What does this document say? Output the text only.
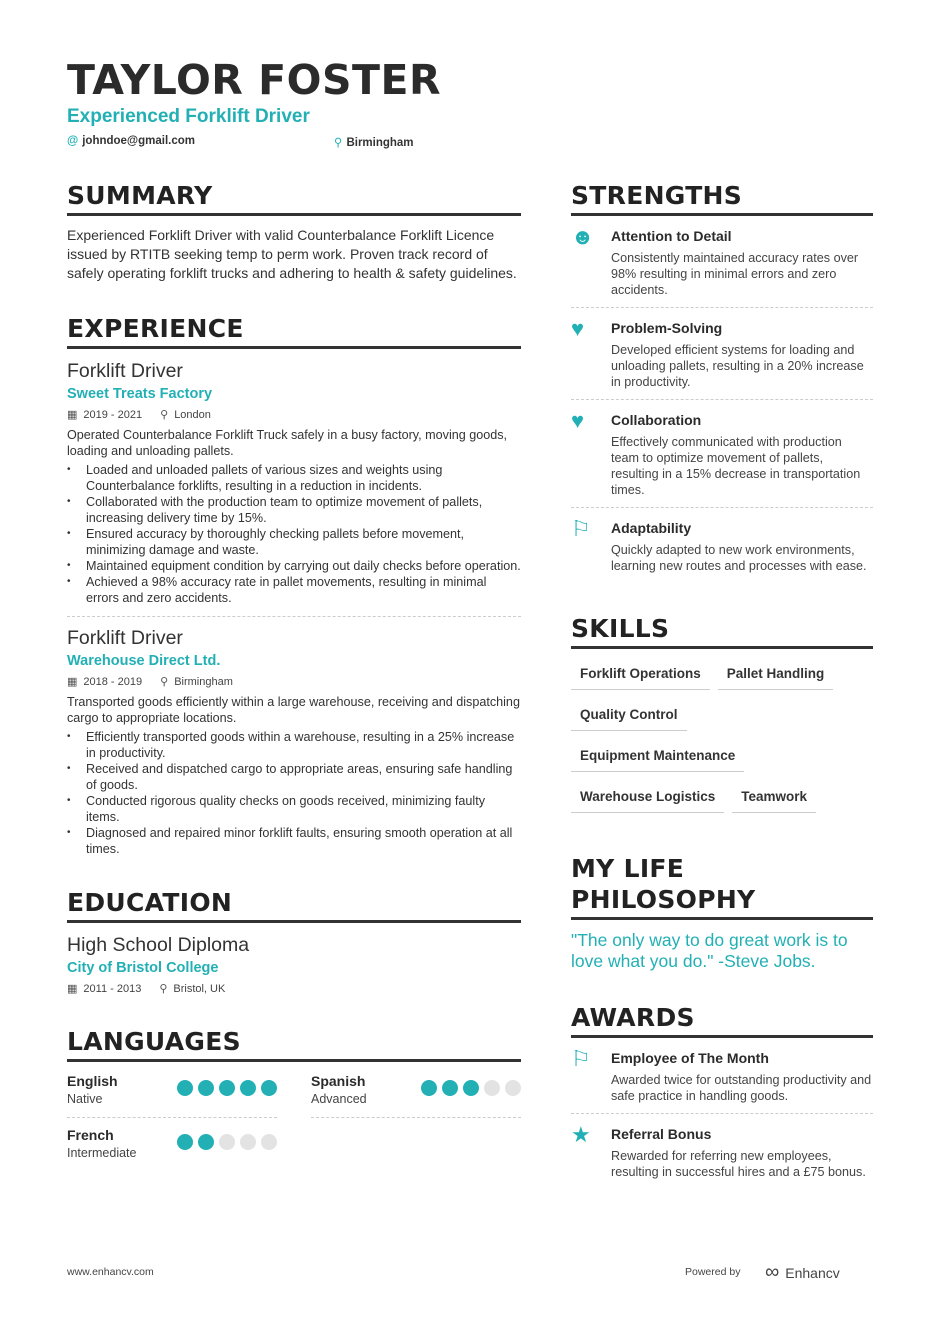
TAYLOR FOSTER
Experienced Forklift Driver
@ johndoe@gmail.com	⚲ Birmingham
SUMMARY
Experienced Forklift Driver with valid Counterbalance Forklift Licence issued by RTITB seeking temp to perm work. Proven track record of safely operating forklift trucks and adhering to health & safety guidelines.
EXPERIENCE
Forklift Driver
Sweet Treats Factory
▦ 2019 - 2021 ⚲ London
Operated Counterbalance Forklift Truck safely in a busy factory, moving goods, loading and unloading pallets.
• Loaded and unloaded pallets of various sizes and weights using Counterbalance forklifts, resulting in a reduction in incidents.
• Collaborated with the production team to optimize movement of pallets, increasing delivery time by 15%.
• Ensured accuracy by thoroughly checking pallets before movement, minimizing damage and waste.
• Maintained equipment condition by carrying out daily checks before operation.
• Achieved a 98% accuracy rate in pallet movements, resulting in minimal errors and zero accidents.
Forklift Driver
Warehouse Direct Ltd.
▦ 2018 - 2019 ⚲ Birmingham
Transported goods efficiently within a large warehouse, receiving and dispatching cargo to appropriate locations.
• Efficiently transported goods within a warehouse, resulting in a 25% increase in productivity.
• Received and dispatched cargo to appropriate areas, ensuring safe handling of goods.
• Conducted rigorous quality checks on goods received, minimizing faulty items.
• Diagnosed and repaired minor forklift faults, ensuring smooth operation at all times.
EDUCATION
High School Diploma
City of Bristol College
▦ 2011 - 2013 ⚲ Bristol, UK
LANGUAGES
English
Native
Spanish
Advanced
French
Intermediate
STRENGTHS
☻	Attention to Detail

Consistently maintained accuracy rates over 98% resulting in minimal errors and zero accidents.

♥	Problem-Solving

Developed efficient systems for loading and unloading pallets, resulting in a 20% increase in productivity.

♥	Collaboration

Effectively communicated with production team to optimize movement of pallets, resulting in a 15% decrease in transportation times.

⚐	Adaptability

Quickly adapted to new work environments, learning new routes and processes with ease.

SKILLS
Forklift Operations Pallet Handling
Quality Control
Equipment Maintenance
Warehouse Logistics Teamwork
MY LIFE PHILOSOPHY
"The only way to do great work is to love what you do." -Steve Jobs.
AWARDS
⚐	Employee of The Month

Awarded twice for outstanding productivity and safe practice in handling goods.

★	Referral Bonus

Rewarded for referring new employees, resulting in successful hires and a £75 bonus.

www.enhancv.com	Powered by ∞ Enhancv
